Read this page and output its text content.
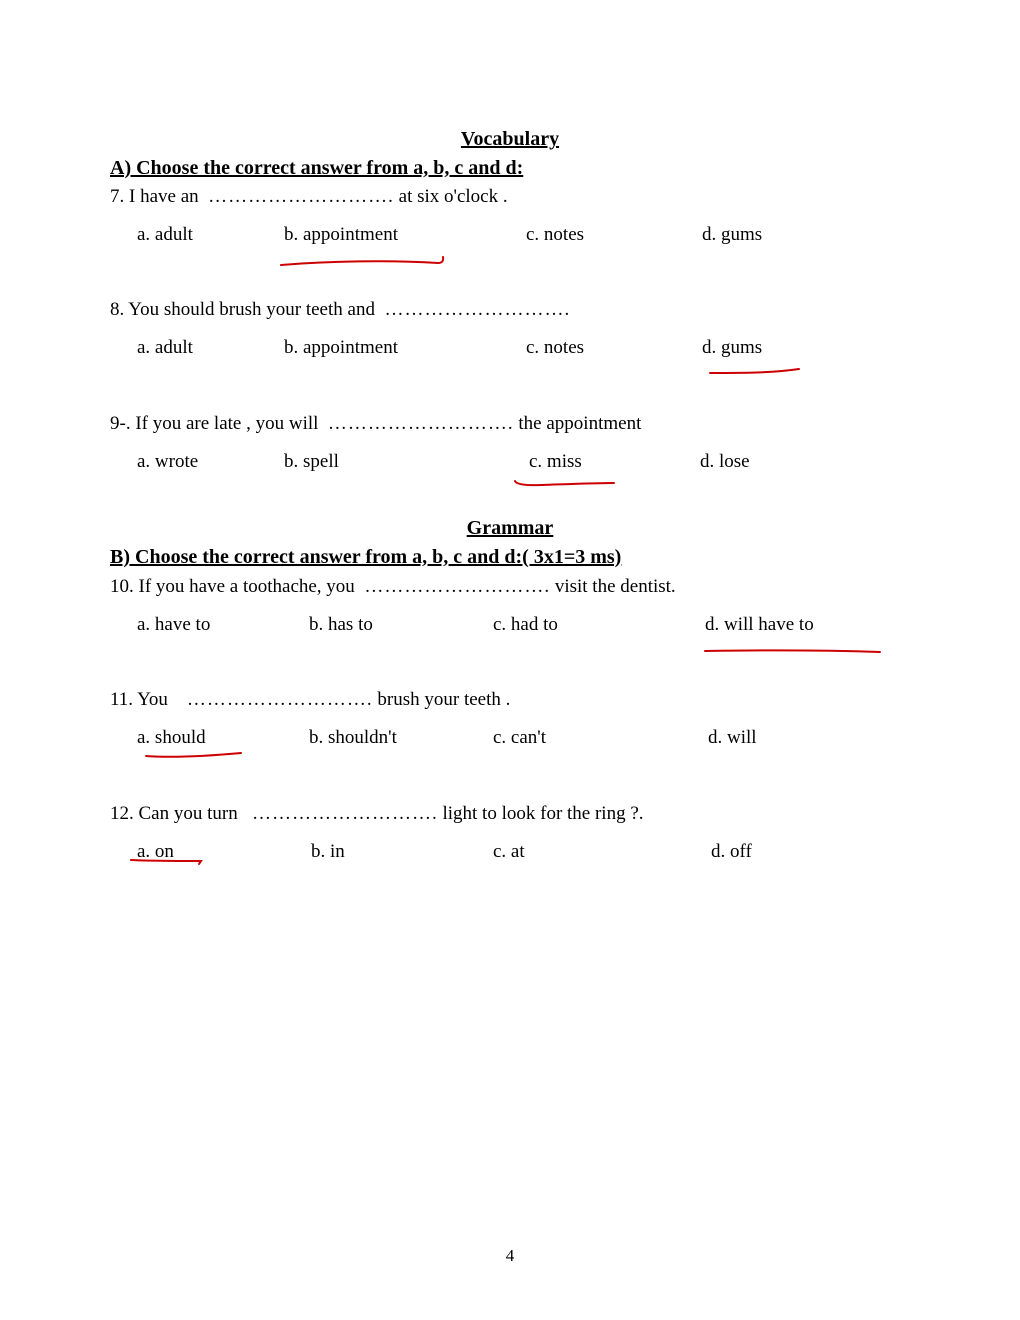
Vocabulary
A) Choose the correct answer from a, b, c and d:
7. I have an ………………………. at six o'clock .
a. adult	b. appointment	c. notes	d. gums
8. You should brush your teeth and ……………………….
a. adult	b. appointment	c. notes	d. gums
9-. If you are late , you will ………………………. the appointment
a. wrote	b. spell	c. miss	d. lose
Grammar
B) Choose the correct answer from a, b, c and d:( 3x1=3 ms)
10. If you have a toothache, you ………………………. visit the dentist.
a. have to	b. has to	c. had to	d. will have to
11. You ………………………. brush your teeth .
a. should	b. shouldn't	c. can't	d. will
12. Can you turn ………………………. light to look for the ring ?.
a. on	b. in	c. at	d. off
4
